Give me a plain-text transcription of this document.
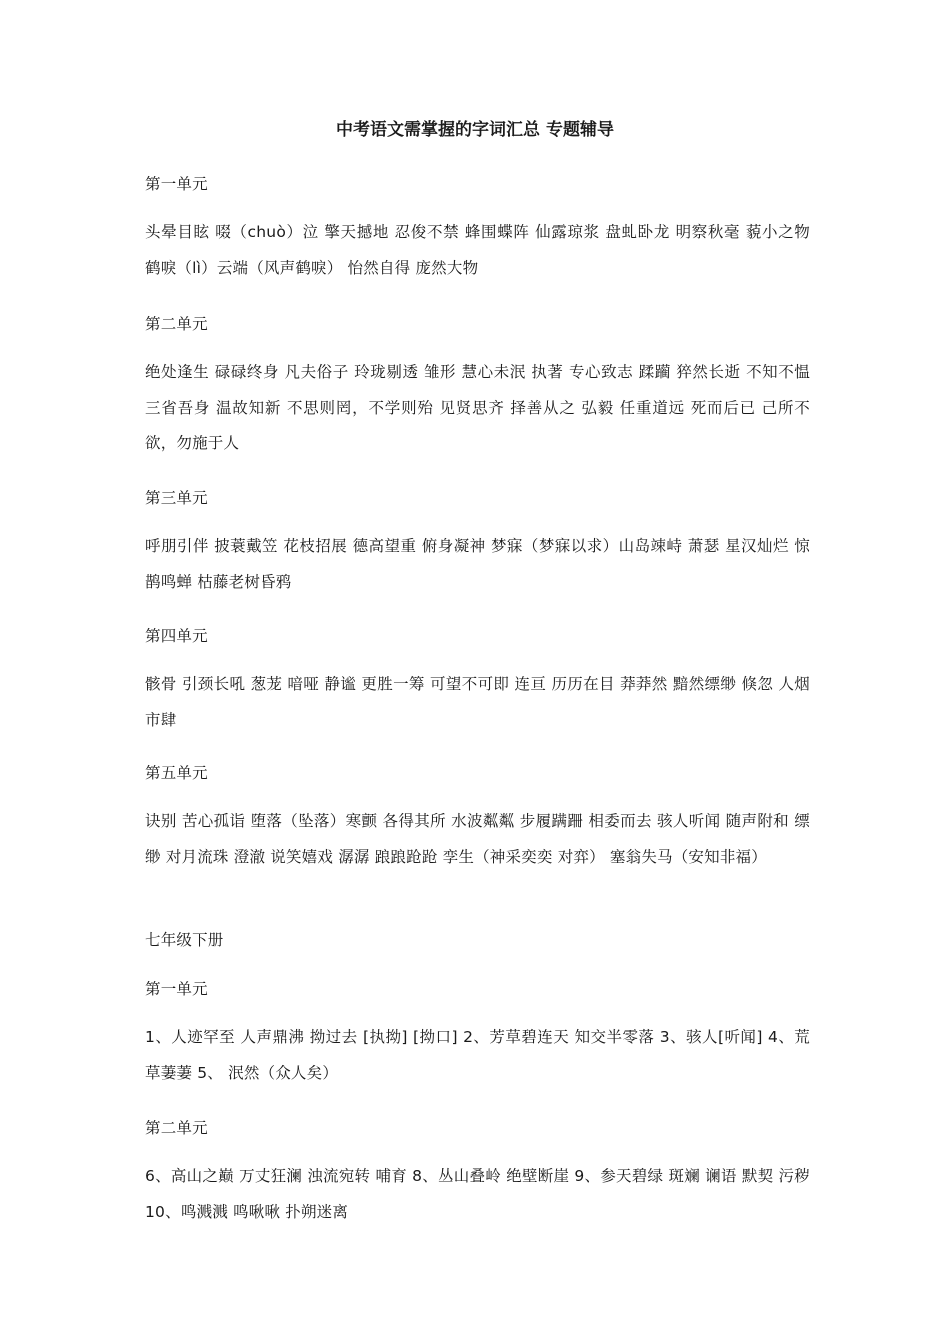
中考语文需掌握的字词汇总 专题辅导
第一单元
头晕目眩 啜（chuò）泣 擎天撼地 忍俊不禁 蜂围蝶阵 仙露琼浆 盘虬卧龙 明察秋毫 藐小之物 鹤唳（lì）云端（风声鹤唳） 怡然自得 庞然大物
第二单元
绝处逢生 碌碌终身 凡夫俗子 玲珑剔透 雏形 慧心未泯 执著 专心致志 蹂躏 猝然长逝 不知不愠 三省吾身 温故知新 不思则罔，不学则殆 见贤思齐 择善从之 弘毅 任重道远 死而后已 己所不欲，勿施于人
第三单元
呼朋引伴 披蓑戴笠 花枝招展 德高望重 俯身凝神 梦寐（梦寐以求）山岛竦峙 萧瑟 星汉灿烂 惊鹊鸣蝉 枯藤老树昏鸦
第四单元
骸骨 引颈长吼 葱茏 喑哑 静谧 更胜一筹 可望不可即 连亘 历历在目 莽莽然 黯然缥缈 倏忽 人烟市肆
第五单元
诀别 苦心孤诣 堕落（坠落）寒颤 各得其所 水波粼粼 步履蹒跚 相委而去 骇人听闻 随声附和 缥缈 对月流珠 澄澈 说笑嬉戏 潺潺 踉踉跄跄 孪生（神采奕奕 对弈） 塞翁失马（安知非福）
七年级下册
第一单元
1、人迹罕至 人声鼎沸 拗过去 [执拗] [拗口] 2、芳草碧连天 知交半零落 3、骇人[听闻] 4、荒草萋萋 5、 泯然（众人矣）
第二单元
6、高山之巅 万丈狂澜 浊流宛转 哺育 8、丛山叠岭 绝壁断崖 9、参天碧绿 斑斓 谰语 默契 污秽 10、鸣溅溅 鸣啾啾 扑朔迷离
